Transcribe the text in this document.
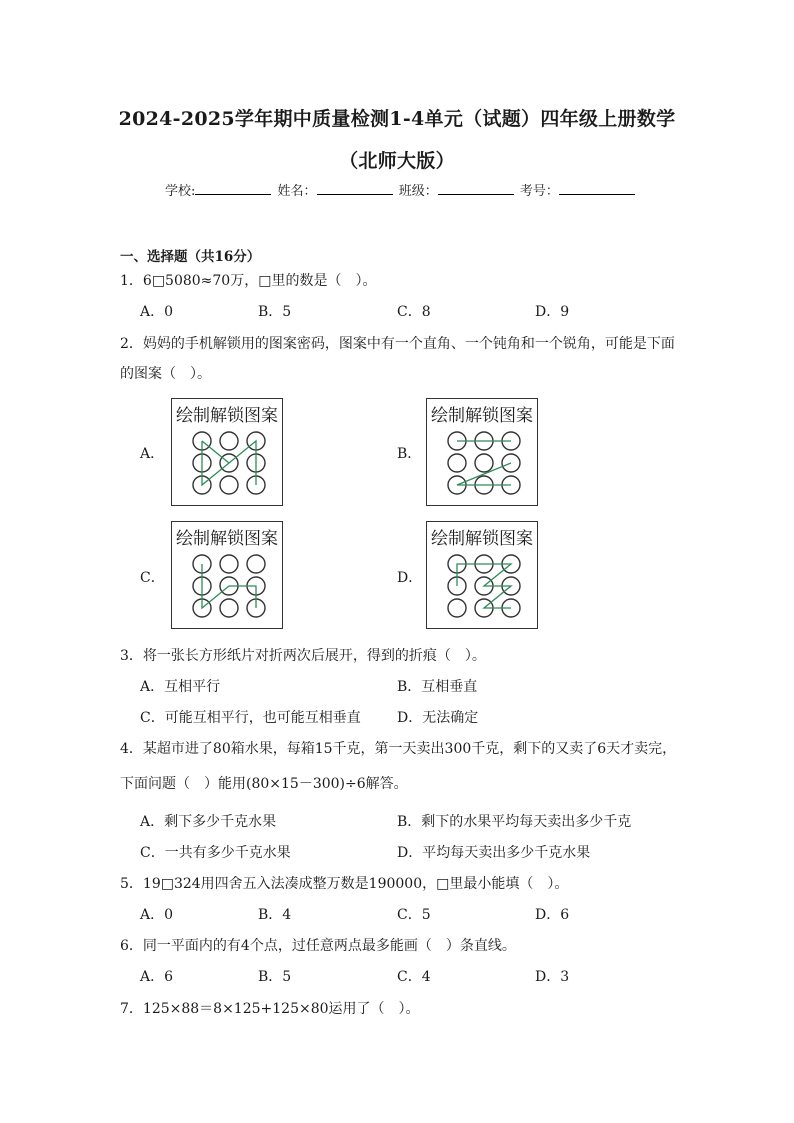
2024-2025学年期中质量检测1-4单元（试题）四年级上册数学
（北师大版）
学校:	姓名：	班级：	考号：
一、选择题（共16分）
1．6□5080≈70万，□里的数是（　）。
A．0	B．5	C．8	D．9
2．妈妈的手机解锁用的图案密码，图案中有一个直角、一个钝角和一个锐角，可能是下面
的图案（　）。
A．	B．
C．	D．
绘制解锁图案	绘制解锁图案
绘制解锁图案	绘制解锁图案
3．将一张长方形纸片对折两次后展开，得到的折痕（　）。
A．互相平行	B．互相垂直
C．可能互相平行，也可能互相垂直	D．无法确定
4．某超市进了80箱水果，每箱15千克，第一天卖出300千克，剩下的又卖了6天才卖完，
下面问题（　）能用(80×15－300)÷6解答。
A．剩下多少千克水果	B．剩下的水果平均每天卖出多少千克
C．一共有多少千克水果	D．平均每天卖出多少千克水果
5．19□324用四舍五入法凑成整万数是190000，□里最小能填（　）。
A．0	B．4	C．5	D．6
6．同一平面内的有4个点，过任意两点最多能画（　）条直线。
A．6	B．5	C．4	D．3
7．125×88＝8×125+125×80运用了（　）。
